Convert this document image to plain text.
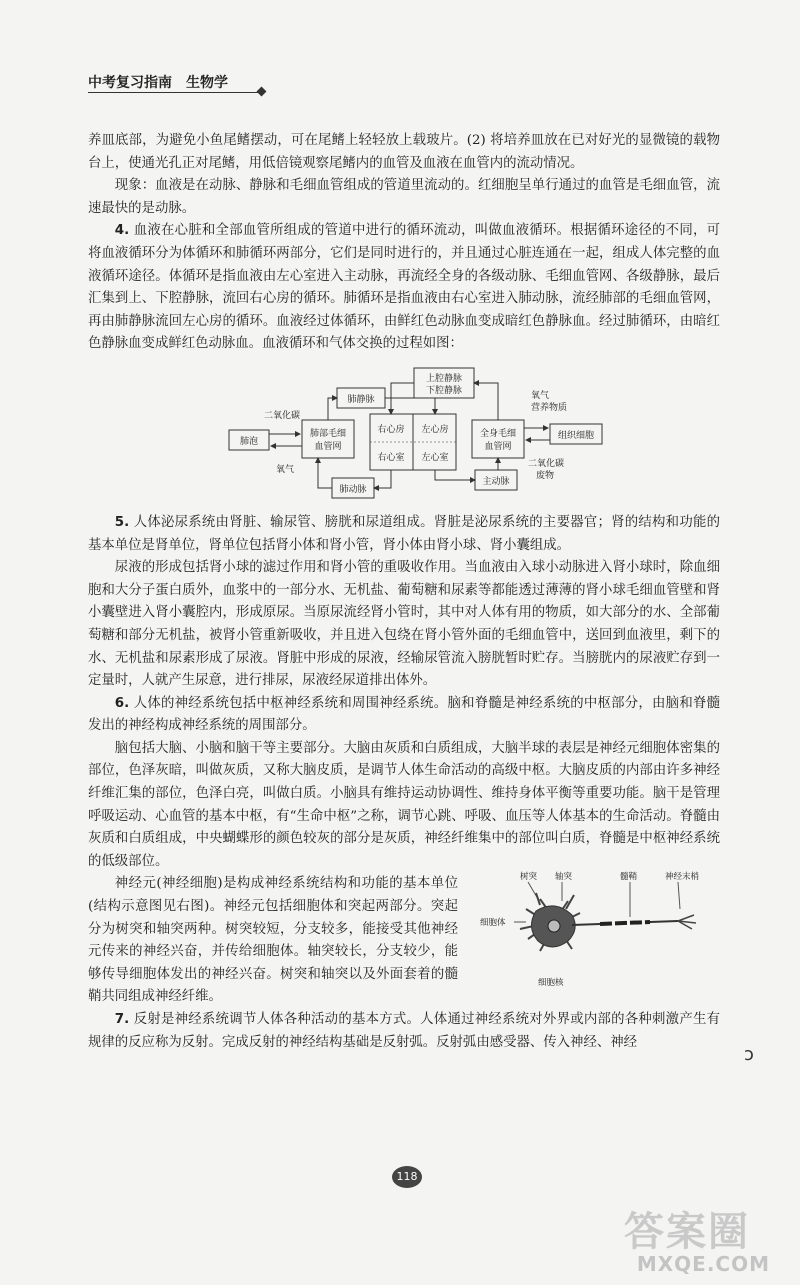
中考复习指南　生物学

养皿底部，为避免小鱼尾鳍摆动，可在尾鳍上轻轻放上载玻片。(2) 将培养皿放在已对好光的显微镜的载物台上，使通光孔正对尾鳍，用低倍镜观察尾鳍内的血管及血液在血管内的流动情况。

现象：血液是在动脉、静脉和毛细血管组成的管道里流动的。红细胞呈单行通过的血管是毛细血管，流速最快的是动脉。

4. 血液在心脏和全部血管所组成的管道中进行的循环流动，叫做血液循环。根据循环途径的不同，可将血液循环分为体循环和肺循环两部分，它们是同时进行的，并且通过心脏连通在一起，组成人体完整的血液循环途径。体循环是指血液由左心室进入主动脉，再流经全身的各级动脉、毛细血管网、各级静脉，最后汇集到上、下腔静脉，流回右心房的循环。肺循环是指血液由右心室进入肺动脉，流经肺部的毛细血管网，再由肺静脉流回左心房的循环。血液经过体循环，由鲜红色动脉血变成暗红色静脉血。经过肺循环，由暗红色静脉血变成鲜红色动脉血。血液循环和气体交换的过程如图：

上腔静脉
下腔静脉
肺静脉
肺泡
肺部毛细
血管网
右心房 左心房
右心室 左心室
全身毛细
血管网
组织细胞
肺动脉
主动脉
二氧化碳
氧气
氧气
营养物质
二氧化碳
废物

5. 人体泌尿系统由肾脏、输尿管、膀胱和尿道组成。肾脏是泌尿系统的主要器官；肾的结构和功能的基本单位是肾单位，肾单位包括肾小体和肾小管，肾小体由肾小球、肾小囊组成。

尿液的形成包括肾小球的滤过作用和肾小管的重吸收作用。当血液由入球小动脉进入肾小球时，除血细胞和大分子蛋白质外，血浆中的一部分水、无机盐、葡萄糖和尿素等都能透过薄薄的肾小球毛细血管壁和肾小囊壁进入肾小囊腔内，形成原尿。当原尿流经肾小管时，其中对人体有用的物质，如大部分的水、全部葡萄糖和部分无机盐，被肾小管重新吸收，并且进入包绕在肾小管外面的毛细血管中，送回到血液里，剩下的水、无机盐和尿素形成了尿液。肾脏中形成的尿液，经输尿管流入膀胱暂时贮存。当膀胱内的尿液贮存到一定量时，人就产生尿意，进行排尿，尿液经尿道排出体外。

6. 人体的神经系统包括中枢神经系统和周围神经系统。脑和脊髓是神经系统的中枢部分，由脑和脊髓发出的神经构成神经系统的周围部分。

脑包括大脑、小脑和脑干等主要部分。大脑由灰质和白质组成，大脑半球的表层是神经元细胞体密集的部位，色泽灰暗，叫做灰质，又称大脑皮质，是调节人体生命活动的高级中枢。大脑皮质的内部由许多神经纤维汇集的部位，色泽白亮，叫做白质。小脑具有维持运动协调性、维持身体平衡等重要功能。脑干是管理呼吸运动、心血管的基本中枢，有“生命中枢”之称，调节心跳、呼吸、血压等人体基本的生命活动。脊髓由灰质和白质组成，中央蝴蝶形的颜色较灰的部分是灰质，神经纤维集中的部位叫白质，脊髓是中枢神经系统的低级部位。

神经元(神经细胞)是构成神经系统结构和功能的基本单位(结构示意图见右图)。神经元包括细胞体和突起两部分。突起分为树突和轴突两种。树突较短，分支较多，能接受其他神经元传来的神经兴奋，并传给细胞体。轴突较长，分支较少，能够传导细胞体发出的神经兴奋。树突和轴突以及外面套着的髓鞘共同组成神经纤维。

树突 轴突	髓鞘	神经末梢
细胞体
细胞核

7. 反射是神经系统调节人体各种活动的基本方式。人体通过神经系统对外界或内部的各种刺激产生有规律的反应称为反射。完成反射的神经结构基础是反射弧。反射弧由感受器、传入神经、神经

ↄ
118
答案圈
MXQE.COM
